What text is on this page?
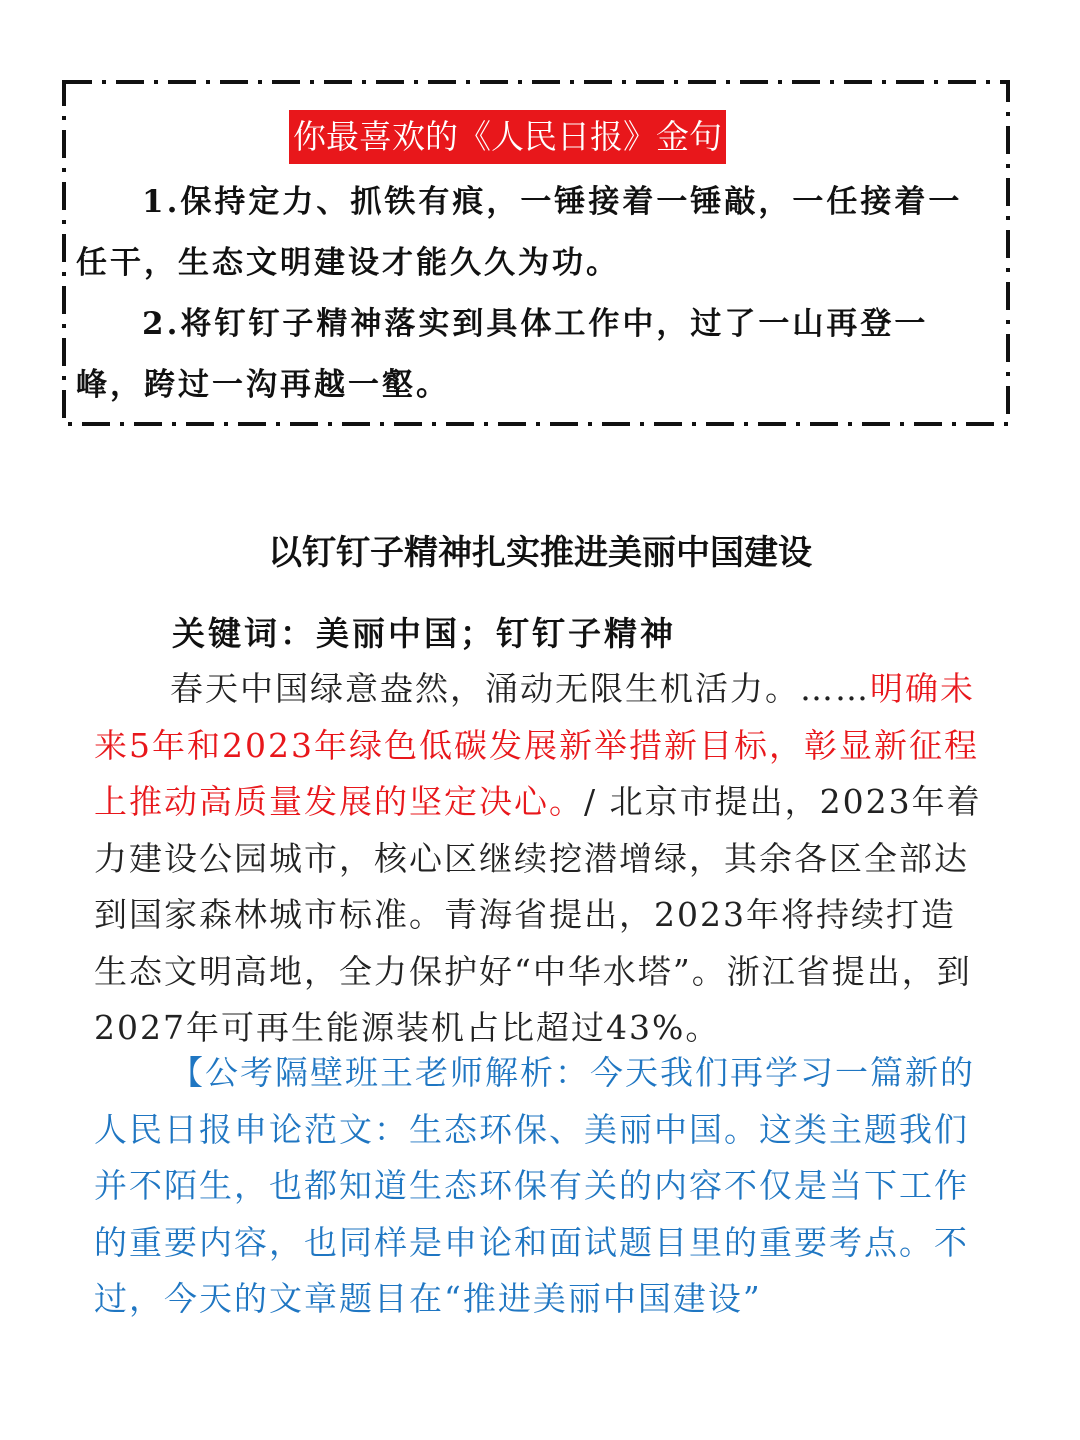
你最喜欢的《人民日报》金句

1.保持定力、抓铁有痕，一锤接着一锤敲，一任接着一任干，生态文明建设才能久久为功。

2.将钉钉子精神落实到具体工作中，过了一山再登一峰，跨过一沟再越一壑。

以钉钉子精神扎实推进美丽中国建设
关键词：美丽中国；钉钉子精神

春天中国绿意盎然，涌动无限生机活力。……明确未来5年和2023年绿色低碳发展新举措新目标，彰显新征程上推动高质量发展的坚定决心。/ 北京市提出，2023年着力建设公园城市，核心区继续挖潜增绿，其余各区全部达到国家森林城市标准。青海省提出，2023年将持续打造生态文明高地，全力保护好“中华水塔”。浙江省提出，到2027年可再生能源装机占比超过43%。

【公考隔壁班王老师解析：今天我们再学习一篇新的人民日报申论范文：生态环保、美丽中国。这类主题我们并不陌生，也都知道生态环保有关的内容不仅是当下工作的重要内容，也同样是申论和面试题目里的重要考点。不过，今天的文章题目在“推进美丽中国建设”
